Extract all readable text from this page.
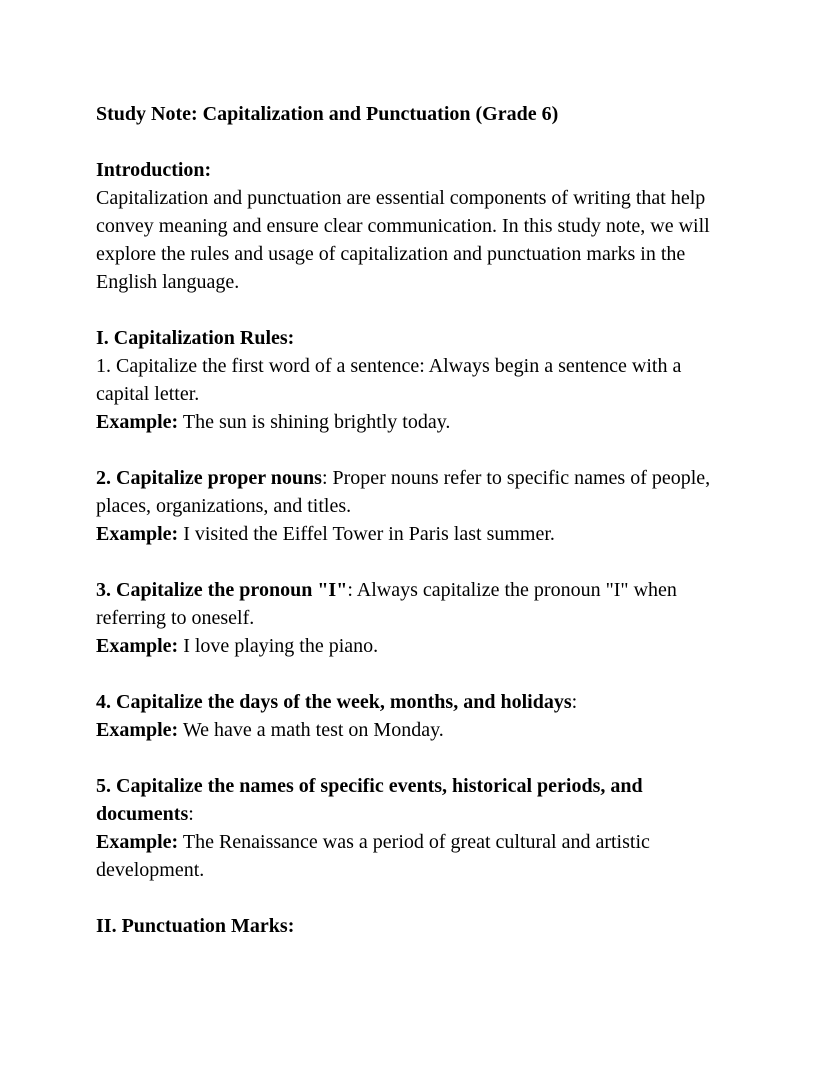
Study Note: Capitalization and Punctuation (Grade 6)

Introduction:
Capitalization and punctuation are essential components of writing that help convey meaning and ensure clear communication. In this study note, we will explore the rules and usage of capitalization and punctuation marks in the English language.

I. Capitalization Rules:
1. Capitalize the first word of a sentence: Always begin a sentence with a capital letter.
Example: The sun is shining brightly today.

2. Capitalize proper nouns: Proper nouns refer to specific names of people, places, organizations, and titles.
Example: I visited the Eiffel Tower in Paris last summer.

3. Capitalize the pronoun "I": Always capitalize the pronoun "I" when referring to oneself.
Example: I love playing the piano.

4. Capitalize the days of the week, months, and holidays:
Example: We have a math test on Monday.

5. Capitalize the names of specific events, historical periods, and documents:
Example: The Renaissance was a period of great cultural and artistic development.

II. Punctuation Marks:
